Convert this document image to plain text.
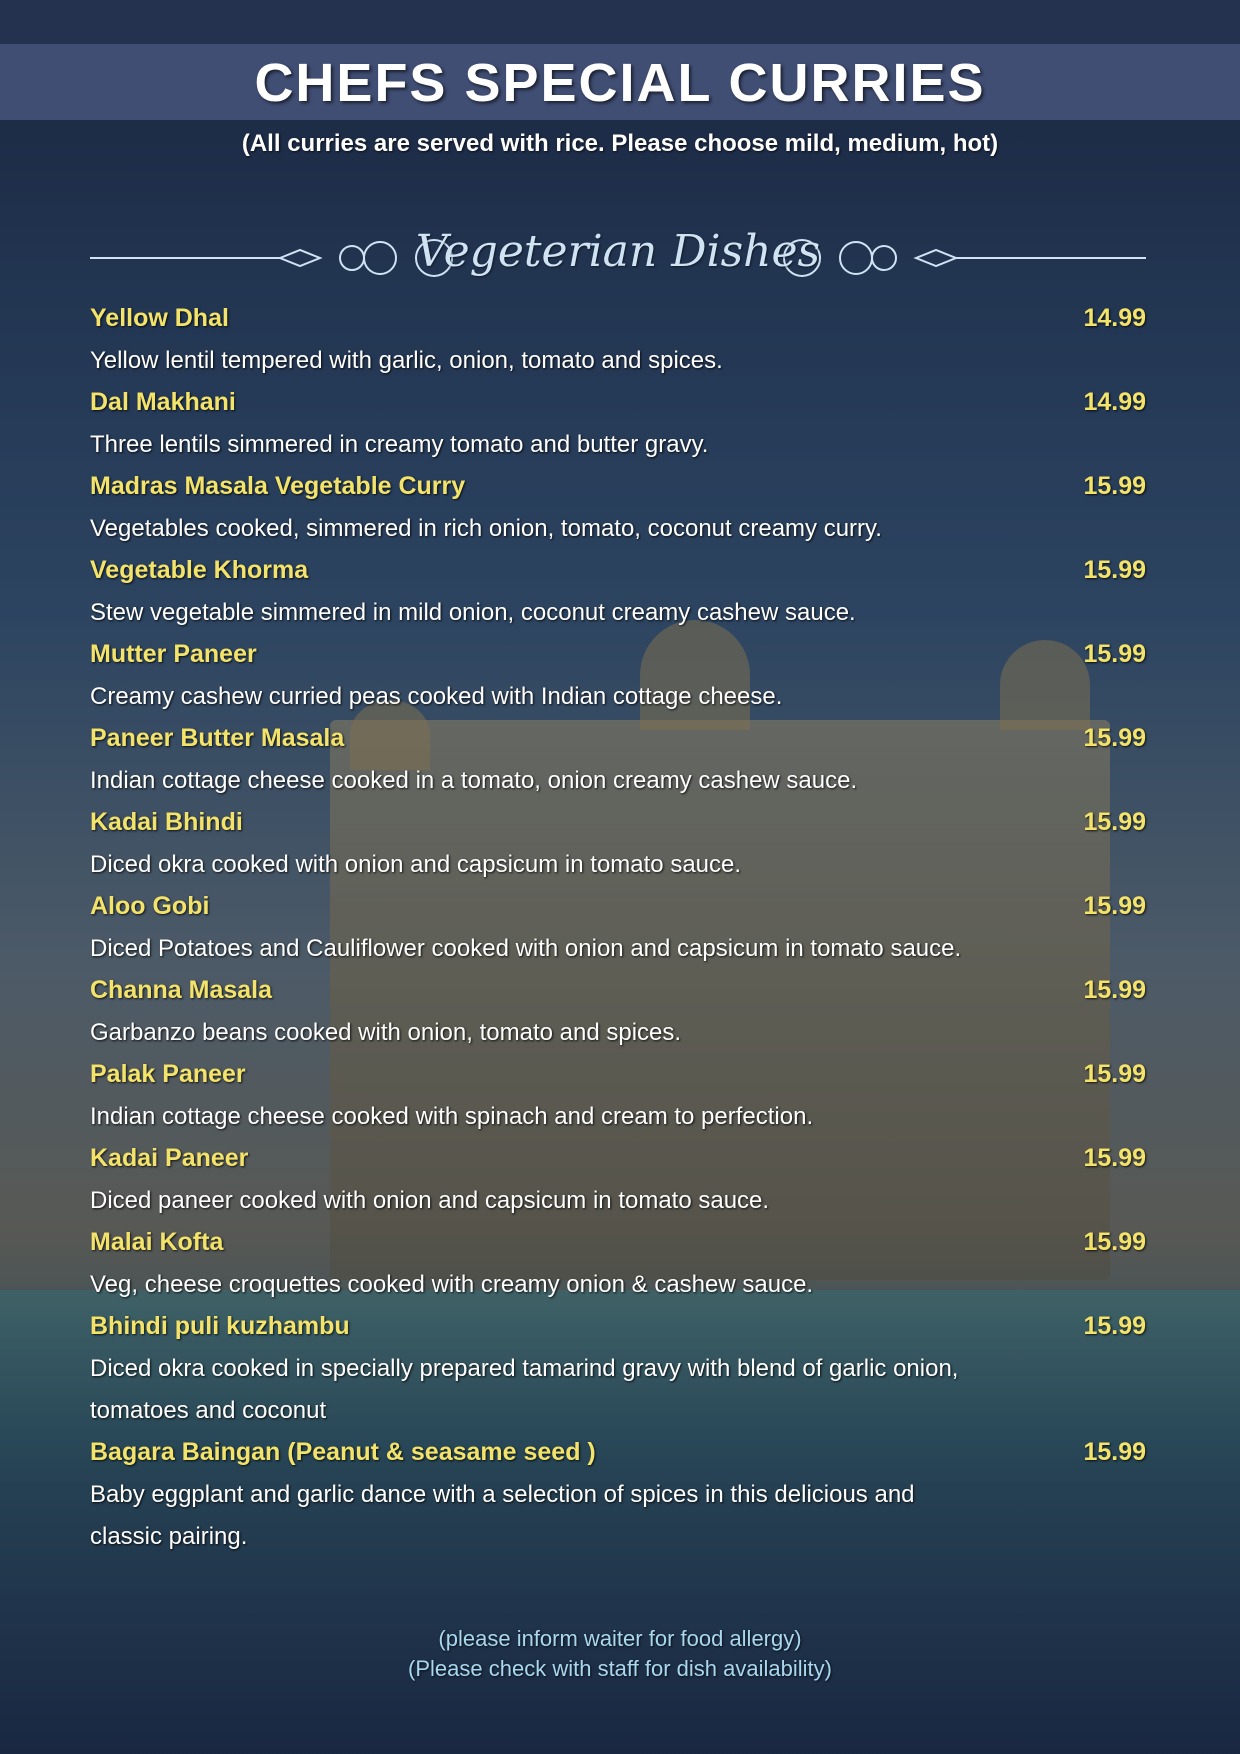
CHEFS SPECIAL CURRIES
(All curries are served with rice. Please choose mild, medium, hot)
Vegeterian Dishes
Yellow Dhal	14.99
Yellow lentil tempered with garlic, onion, tomato and spices.
Dal Makhani	14.99
Three lentils simmered in creamy tomato and butter gravy.
Madras Masala Vegetable Curry	15.99
Vegetables cooked, simmered in rich onion, tomato, coconut creamy curry.
Vegetable Khorma	15.99
Stew vegetable simmered in mild onion, coconut creamy cashew sauce.
Mutter Paneer	15.99
Creamy cashew curried peas cooked with Indian cottage cheese.
Paneer Butter Masala	15.99
Indian cottage cheese cooked in a tomato, onion creamy cashew sauce.
Kadai Bhindi	15.99
Diced okra cooked with onion and capsicum in tomato sauce.
Aloo Gobi	15.99
Diced Potatoes and Cauliflower cooked with onion and capsicum in tomato sauce.
Channa Masala	15.99
Garbanzo beans cooked with onion, tomato and spices.
Palak Paneer	15.99
Indian cottage cheese cooked with spinach and cream to perfection.
Kadai Paneer	15.99
Diced paneer cooked with onion and capsicum in tomato sauce.
Malai Kofta	15.99
Veg, cheese croquettes cooked with creamy onion & cashew sauce.
Bhindi puli kuzhambu	15.99
Diced okra cooked in specially prepared tamarind gravy with blend of garlic onion, tomatoes and coconut
Bagara Baingan (Peanut & seasame seed )	15.99
Baby eggplant and garlic dance with a selection of spices in this delicious and classic pairing.
(please inform waiter for food allergy)
(Please check with staff for dish availability)
